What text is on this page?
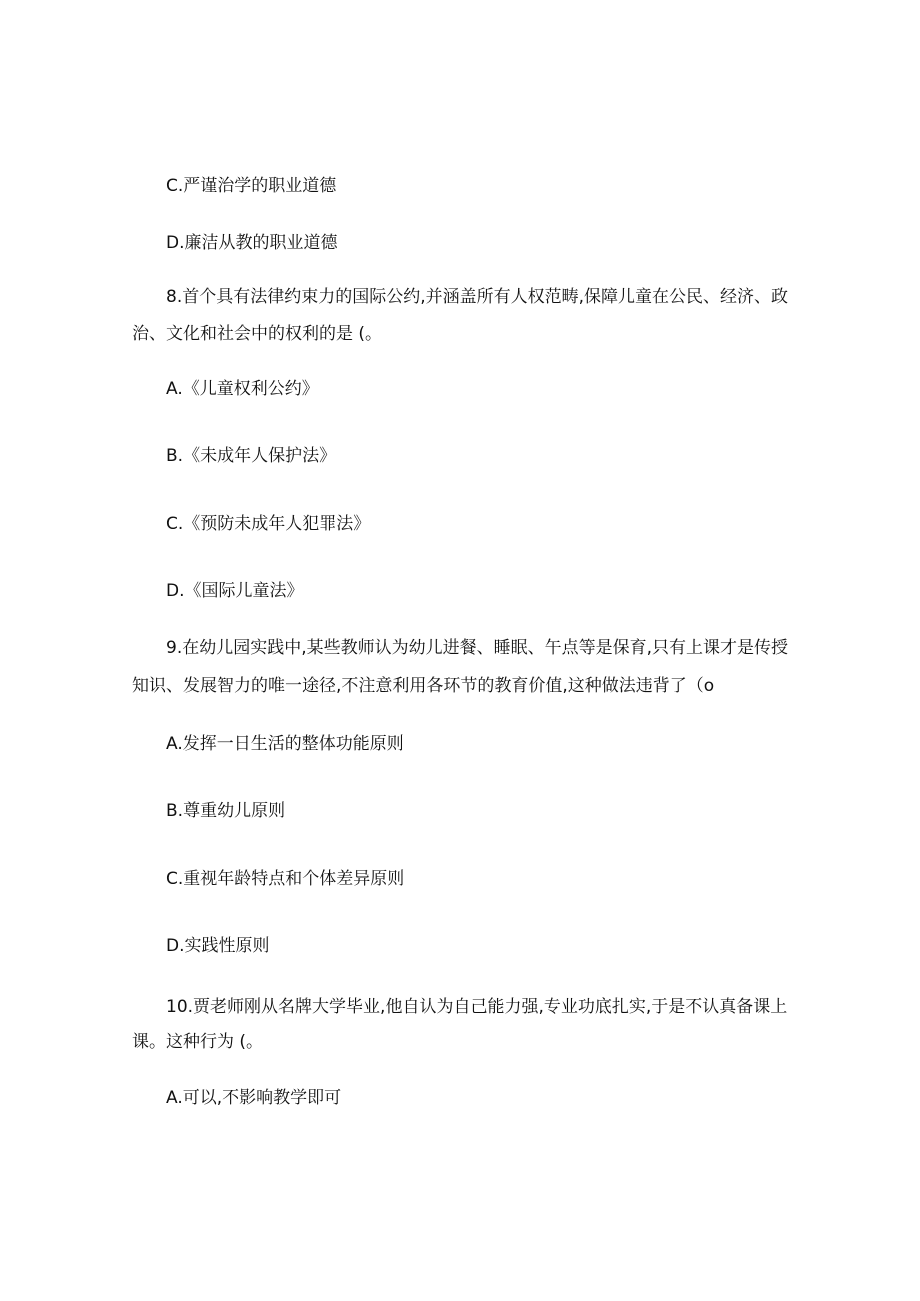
C.严谨治学的职业道德
D.廉洁从教的职业道德
8.首个具有法律约束力的国际公约,并涵盖所有人权范畴,保障儿童在公民、经济、政
治、文化和社会中的权利的是 (。
A.《儿童权利公约》
B.《未成年人保护法》
C.《预防未成年人犯罪法》
D.《国际儿童法》
9.在幼儿园实践中,某些教师认为幼儿进餐、睡眠、午点等是保育,只有上课才是传授
知识、发展智力的唯一途径,不注意利用各环节的教育价值,这种做法违背了（o
A.发挥一日生活的整体功能原则
B.尊重幼儿原则
C.重视年龄特点和个体差异原则
D.实践性原则
10.贾老师刚从名牌大学毕业,他自认为自己能力强,专业功底扎实,于是不认真备课上
课。这种行为 (。
A.可以,不影响教学即可
